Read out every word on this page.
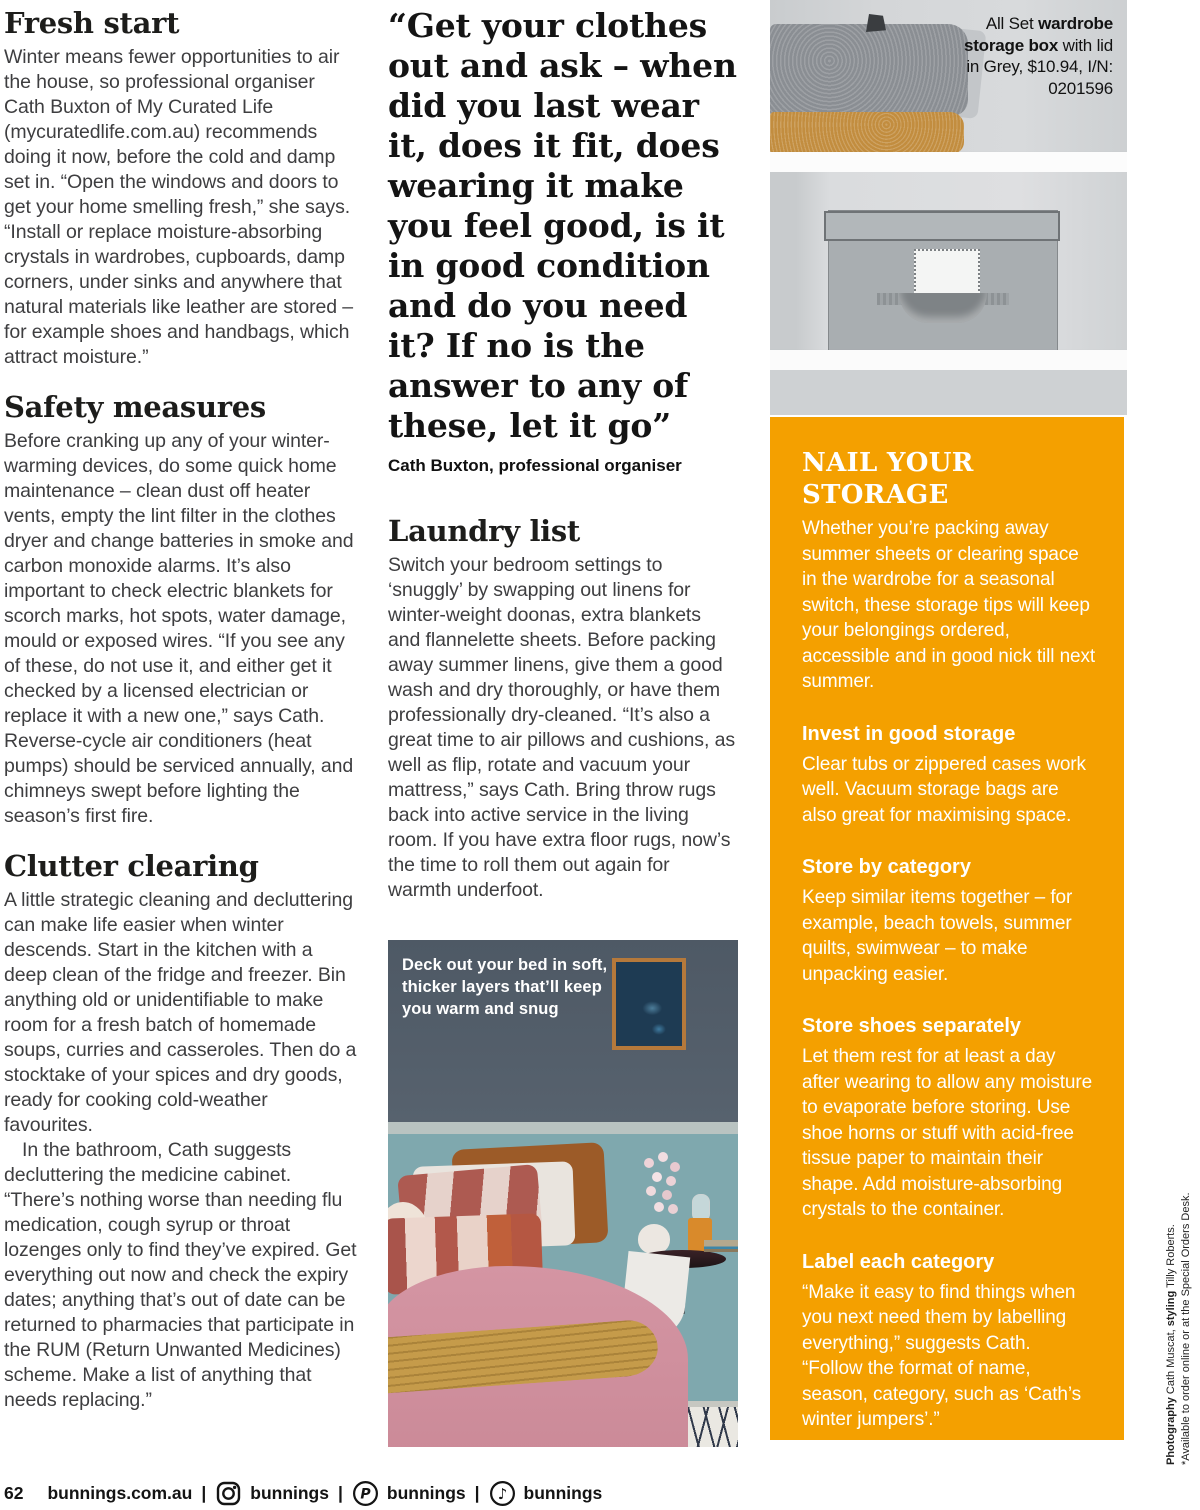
Fresh start

Winter means fewer opportunities to air the house, so professional organiser Cath Buxton of My Curated Life (mycuratedlife.com.au) recommends doing it now, before the cold and damp set in. “Open the windows and doors to get your home smelling fresh,” she says. “Install or replace moisture-absorbing crystals in wardrobes, cupboards, damp corners, under sinks and anywhere that natural materials like leather are stored – for example shoes and handbags, which attract moisture.”

Safety measures

Before cranking up any of your winter-warming devices, do some quick home maintenance – clean dust off heater vents, empty the lint filter in the clothes dryer and change batteries in smoke and carbon monoxide alarms. It’s also important to check electric blankets for scorch marks, hot spots, water damage, mould or exposed wires. “If you see any of these, do not use it, and either get it checked by a licensed electrician or replace it with a new one,” says Cath. Reverse-cycle air conditioners (heat pumps) should be serviced annually, and chimneys swept before lighting the season’s first fire.

Clutter clearing

A little strategic cleaning and decluttering can make life easier when winter descends. Start in the kitchen with a deep clean of the fridge and freezer. Bin anything old or unidentifiable to make room for a fresh batch of homemade soups, curries and casseroles. Then do a stocktake of your spices and dry goods, ready for cooking cold-weather favourites.

In the bathroom, Cath suggests decluttering the medicine cabinet. “There’s nothing worse than needing flu medication, cough syrup or throat lozenges only to find they’ve expired. Get everything out now and check the expiry dates; anything that’s out of date can be returned to pharmacies that participate in the RUM (Return Unwanted Medicines) scheme. Make a list of anything that needs replacing.”

“Get your clothes out and ask – when did you last wear it, does it fit, does wearing it make you feel good, is it in good condition and do you need it? If no is the answer to any of these, let it go”

Cath Buxton, professional organiser

Laundry list

Switch your bedroom settings to ‘snuggly’ by swapping out linens for winter-weight doonas, extra blankets and flannelette sheets. Before packing away summer linens, give them a good wash and dry thoroughly, or have them professionally dry-cleaned. “It’s also a great time to air pillows and cushions, as well as flip, rotate and vacuum your mattress,” says Cath. Bring throw rugs back into active service in the living room. If you have extra floor rugs, now’s the time to roll them out again for warmth underfoot.

Deck out your bed in soft, thicker layers that’ll keep you warm and snug
All Set wardrobe storage box with lid in Grey, $10.94, I/N: 0201596
NAIL YOUR STORAGE

Whether you’re packing away summer sheets or clearing space in the wardrobe for a seasonal switch, these storage tips will keep your belongings ordered, accessible and in good nick till next summer.

Invest in good storage

Clear tubs or zippered cases work well. Vacuum storage bags are also great for maximising space.

Store by category

Keep similar items together – for example, beach towels, summer quilts, swimwear – to make unpacking easier.

Store shoes separately

Let them rest for at least a day after wearing to allow any moisture to evaporate before storing. Use shoe horns or stuff with acid-free tissue paper to maintain their shape. Add moisture-absorbing crystals to the container.

Label each category

“Make it easy to find things when you next need them by labelling everything,” suggests Cath. “Follow the format of name, season, category, such as ‘Cath’s winter jumpers’.”

62 bunnings.com.au |	bunnings | P bunnings | ♪ bunnings
Photography Cath Muscat, styling Tilly Roberts. *Available to order online or at the Special Orders Desk.
